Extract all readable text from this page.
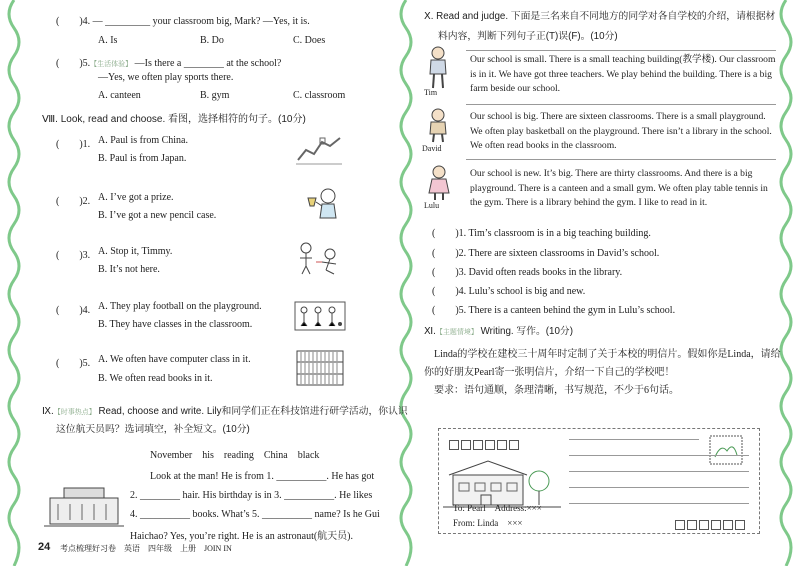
(　　)4. — _________ your classroom big, Mark? —Yes, it is.
A. Is	B. Do	C. Does
(　　)5.【生活体验】 —Is there a ________ at the school?
—Yes, we often play sports there.
A. canteen	B. gym	C. classroom
Ⅷ. Look, read and choose. 看图，选择相符的句子。(10分)
(　　)1. A. Paul is from China.
B. Paul is from Japan.
(　　)2. A. I’ve got a prize.
B. I’ve got a new pencil case.
(　　)3. A. Stop it, Timmy.
B. It’s not here.
(　　)4. A. They play football on the playground.
B. They have classes in the classroom.
(　　)5. A. We often have computer class in it.
B. We often read books in it.
Ⅸ.【时事热点】 Read, choose and write. Lily和同学们正在科技馆进行研学活动，你认识
这位航天员吗？选词填空，补全短文。(10分)
November　his　reading　China　black
Look at the man! He is from 1. __________. He has got
2. ________ hair. His birthday is in 3. __________. He likes
4. __________ books. What’s 5. __________ name? Is he Gui
Haichao? Yes, you’re right. He is an astronaut(航天员).
24 考点梳理好习卷　英语　四年级　上册　JOIN IN
Ⅹ. Read and judge. 下面是三名来自不同地方的同学对各自学校的介绍，请根据材
料内容，判断下列句子正(T)误(F)。(10分)
Tim
Our school is small. There is a small teaching building(教学楼). Our classroom is in it. We have got three teachers. We play behind the building. There is a big farm beside our school.
David
Our school is big. There are sixteen classrooms. There is a small playground. We often play basketball on the playground. There isn’t a library in the school. We often read books in the classroom.
Lulu
Our school is new. It’s big. There are thirty classrooms. And there is a big playground. There is a canteen and a small gym. We often play table tennis in the gym. There is a library behind the gym. I like to read in it.
(　　)1. Tim’s classroom is in a big teaching building.
(　　)2. There are sixteen classrooms in David’s school.
(　　)3. David often reads books in the library.
(　　)4. Lulu’s school is big and new.
(　　)5. There is a canteen behind the gym in Lulu’s school.
Ⅺ.【主题情境】 Writing. 写作。(10分)
Linda的学校在建校三十周年时定制了关于本校的明信片。假如你是Linda，请给
你的好朋友Pearl寄一张明信片，介绍一下自己的学校吧！
要求：语句通顺，条理清晰，书写规范，不少于6句话。
To: Pearl　Address:×××
From: Linda　×××
